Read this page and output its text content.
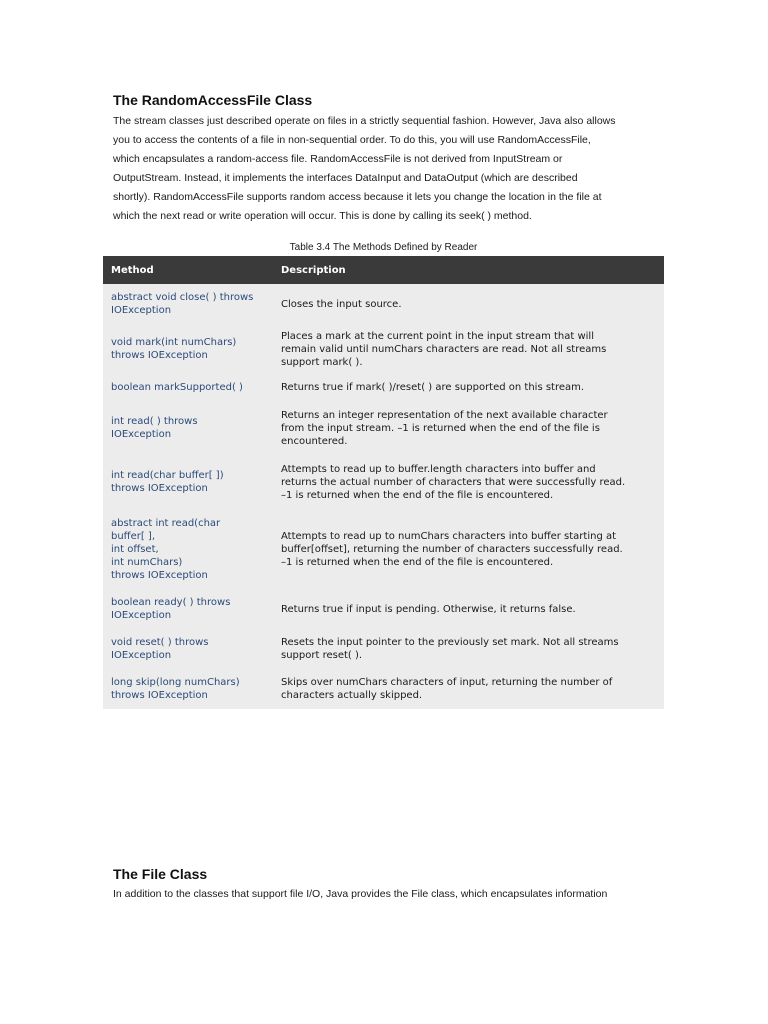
The RandomAccessFile Class

The stream classes just described operate on files in a strictly sequential fashion. However, Java also allows
you to access the contents of a file in non-sequential order. To do this, you will use RandomAccessFile,
which encapsulates a random-access file. RandomAccessFile is not derived from InputStream or
OutputStream. Instead, it implements the interfaces DataInput and DataOutput (which are described
shortly). RandomAccessFile supports random access because it lets you change the location in the file at
which the next read or write operation will occur. This is done by calling its seek( ) method.

Table 3.4 The Methods Defined by Reader

Method	Description

abstract void close( ) throws
IOException	Closes the input source.

void mark(int numChars)
throws IOException	Places a mark at the current point in the input stream that will
remain valid until numChars characters are read. Not all streams
support mark( ).

boolean markSupported( )	Returns true if mark( )/reset( ) are supported on this stream.

int read( ) throws
IOException	Returns an integer representation of the next available character
from the input stream. –1 is returned when the end of the file is
encountered.

int read(char buffer[ ])
throws IOException	Attempts to read up to buffer.length characters into buffer and
returns the actual number of characters that were successfully read.
–1 is returned when the end of the file is encountered.

abstract int read(char
buffer[ ],
int offset,
int numChars)
throws IOException	Attempts to read up to numChars characters into buffer starting at
buffer[offset], returning the number of characters successfully read.
–1 is returned when the end of the file is encountered.

boolean ready( ) throws
IOException	Returns true if input is pending. Otherwise, it returns false.

void reset( ) throws
IOException	Resets the input pointer to the previously set mark. Not all streams
support reset( ).

long skip(long numChars)
throws IOException	Skips over numChars characters of input, returning the number of
characters actually skipped.
The File Class

In addition to the classes that support file I/O, Java provides the File class, which encapsulates information
